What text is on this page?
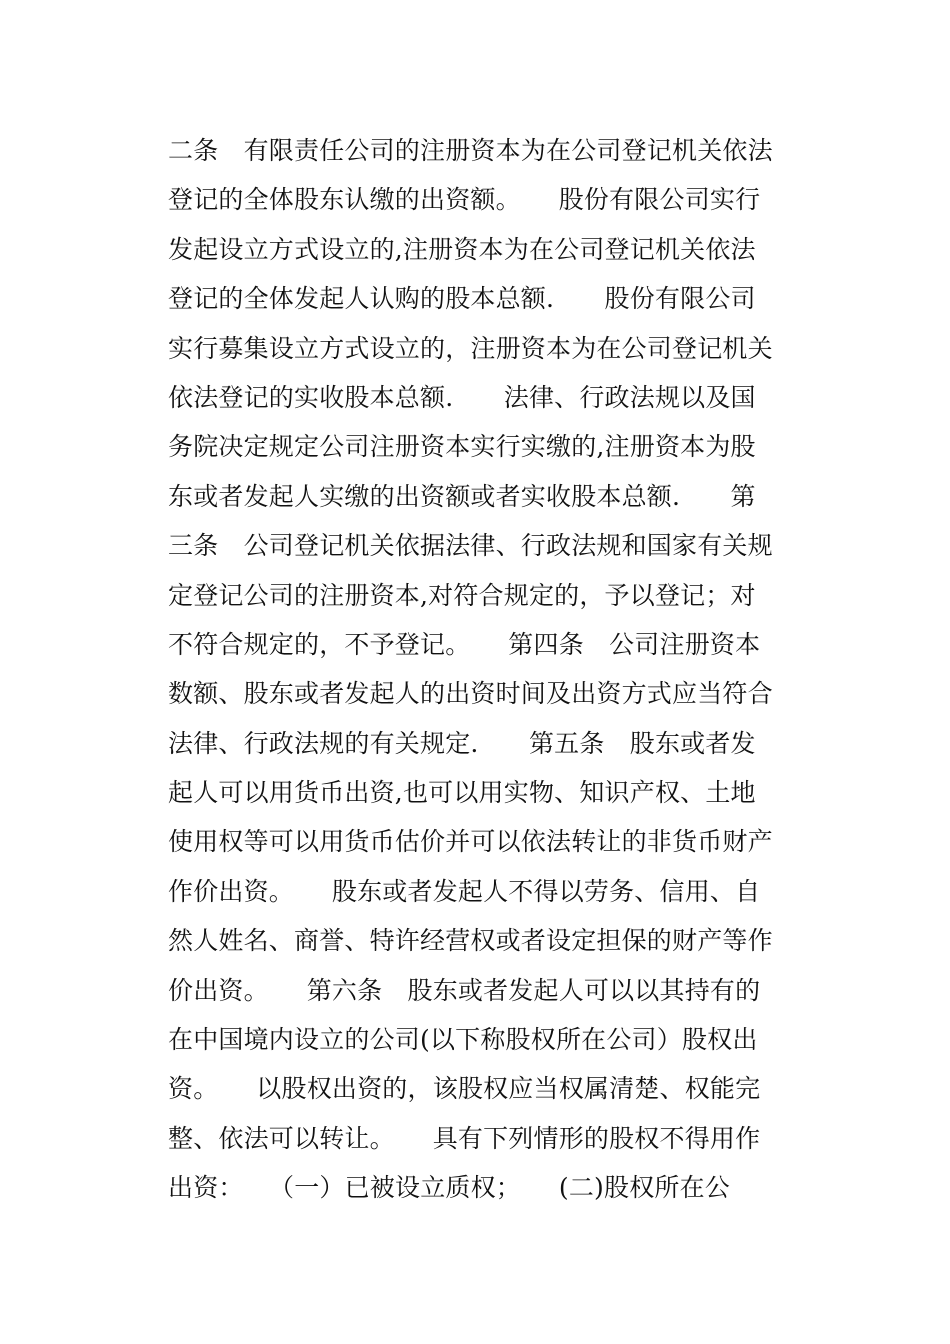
二条　有限责任公司的注册资本为在公司登记机关依法
登记的全体股东认缴的出资额。　　股份有限公司实行
发起设立方式设立的,注册资本为在公司登记机关依法
登记的全体发起人认购的股本总额.　　股份有限公司
实行募集设立方式设立的，注册资本为在公司登记机关
依法登记的实收股本总额.　　法律、行政法规以及国
务院决定规定公司注册资本实行实缴的,注册资本为股
东或者发起人实缴的出资额或者实收股本总额.　　第
三条　公司登记机关依据法律、行政法规和国家有关规
定登记公司的注册资本,对符合规定的，予以登记；对
不符合规定的，不予登记。　　第四条　公司注册资本
数额、股东或者发起人的出资时间及出资方式应当符合
法律、行政法规的有关规定.　　第五条　股东或者发
起人可以用货币出资,也可以用实物、知识产权、土地
使用权等可以用货币估价并可以依法转让的非货币财产
作价出资。　　股东或者发起人不得以劳务、信用、自
然人姓名、商誉、特许经营权或者设定担保的财产等作
价出资。　　第六条　股东或者发起人可以以其持有的
在中国境内设立的公司(以下称股权所在公司）股权出
资。　　以股权出资的，该股权应当权属清楚、权能完
整、依法可以转让。　　具有下列情形的股权不得用作
出资：　　（一）已被设立质权；　　(二)股权所在公
